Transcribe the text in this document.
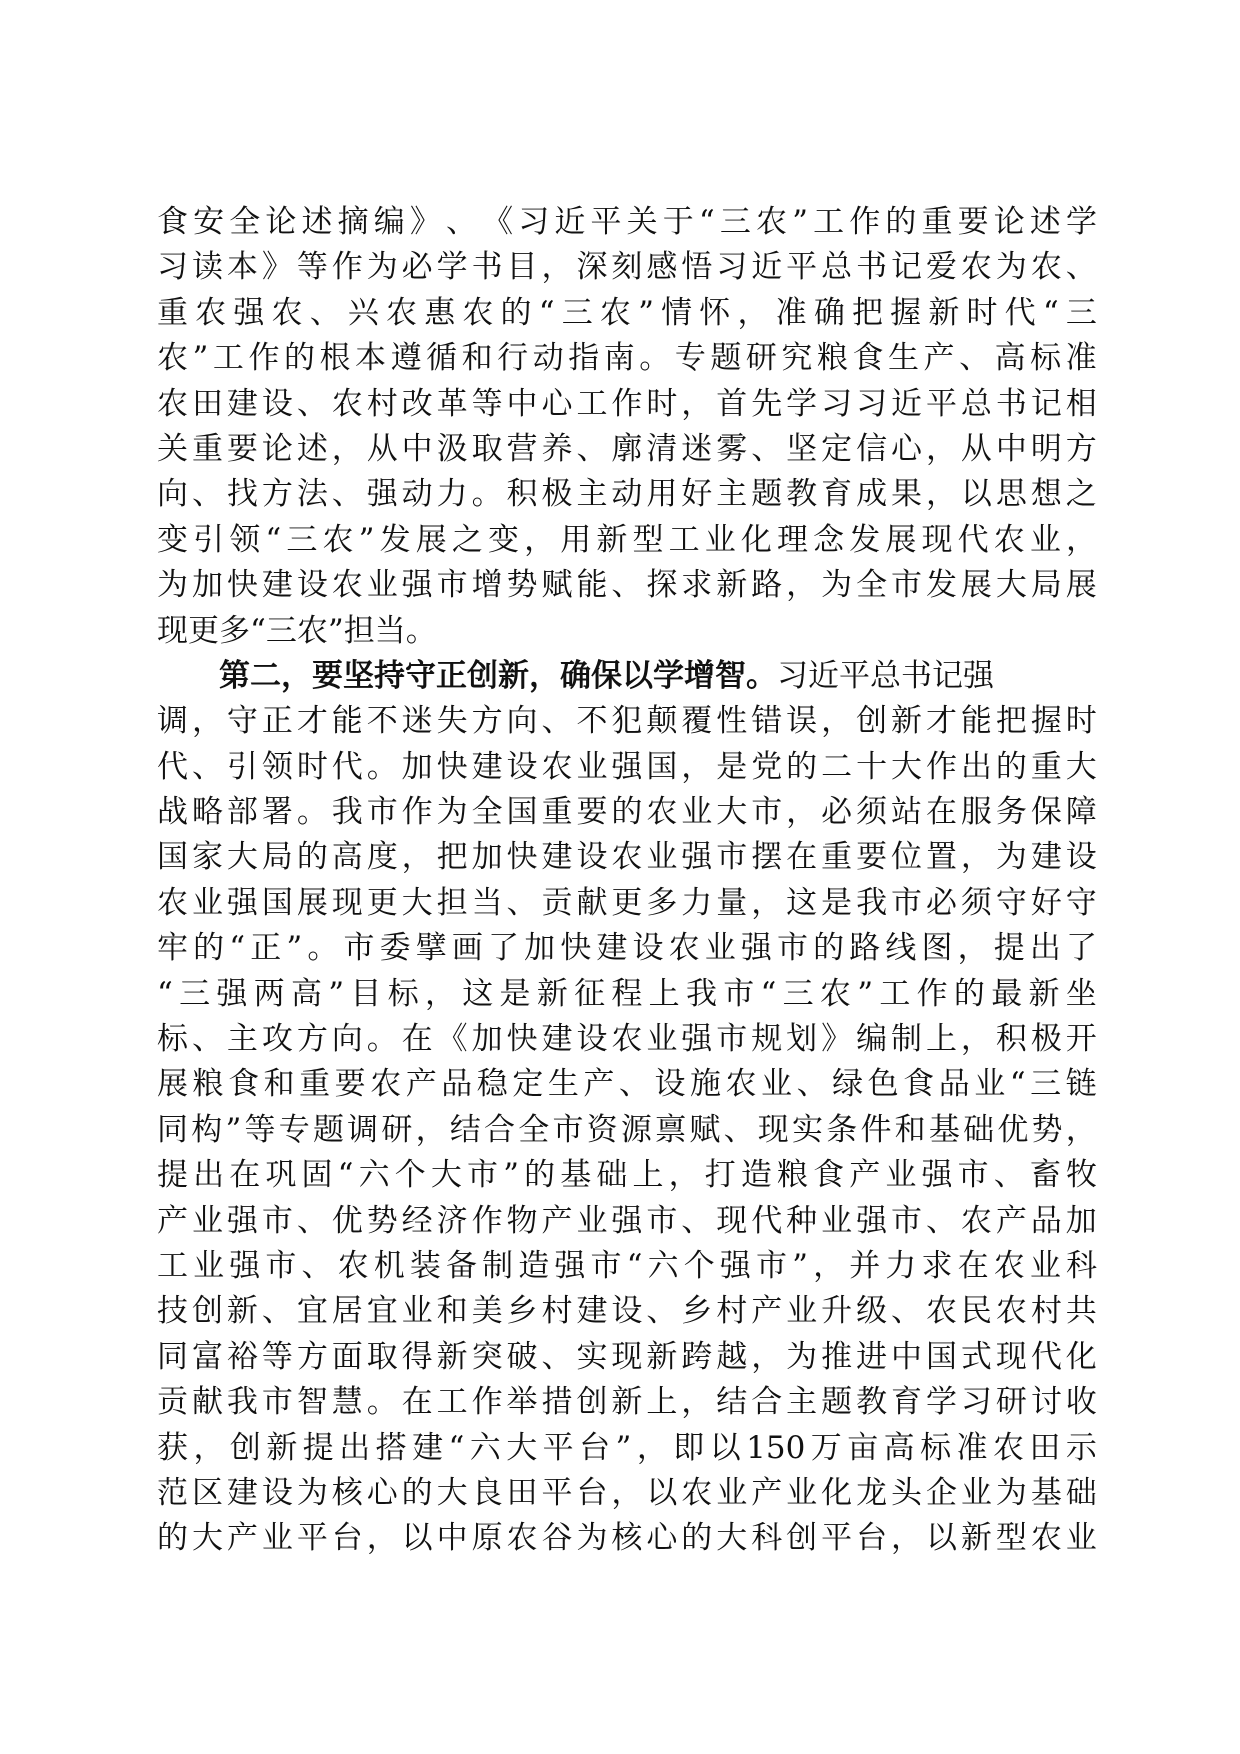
食 安 全 论 述 摘 编 》 、 《 习 近 平 关 于 “ 三 农 ” 工 作 的 重 要 论 述 学
习 读 本 》 等 作 为 必 学 书 目 ， 深 刻 感 悟 习 近 平 总 书 记 爱 农 为 农 、
重 农 强 农 、 兴 农 惠 农 的 “ 三 农 ” 情 怀 ， 准 确 把 握 新 时 代 “ 三
农 ” 工 作 的 根 本 遵 循 和 行 动 指 南 。 专 题 研 究 粮 食 生 产 、 高 标 准
农 田 建 设 、 农 村 改 革 等 中 心 工 作 时 ， 首 先 学 习 习 近 平 总 书 记 相
关 重 要 论 述 ， 从 中 汲 取 营 养 、 廓 清 迷 雾 、 坚 定 信 心 ， 从 中 明 方
向 、 找 方 法 、 强 动 力 。 积 极 主 动 用 好 主 题 教 育 成 果 ， 以 思 想 之
变 引 领 “ 三 农 ” 发 展 之 变 ， 用 新 型 工 业 化 理 念 发 展 现 代 农 业 ，
为 加 快 建 设 农 业 强 市 增 势 赋 能 、 探 求 新 路 ， 为 全 市 发 展 大 局 展
现更多“三农”担当。
第二，要坚持守正创新，确保以学增智。 习近平总书记强
调 ， 守 正 才 能 不 迷 失 方 向 、 不 犯 颠 覆 性 错 误 ， 创 新 才 能 把 握 时
代 、 引 领 时 代 。 加 快 建 设 农 业 强 国 ， 是 党 的 二 十 大 作 出 的 重 大
战 略 部 署 。 我 市 作 为 全 国 重 要 的 农 业 大 市 ， 必 须 站 在 服 务 保 障
国 家 大 局 的 高 度 ， 把 加 快 建 设 农 业 强 市 摆 在 重 要 位 置 ， 为 建 设
农 业 强 国 展 现 更 大 担 当 、 贡 献 更 多 力 量 ， 这 是 我 市 必 须 守 好 守
牢 的 “ 正 ” 。 市 委 擘 画 了 加 快 建 设 农 业 强 市 的 路 线 图 ， 提 出 了
“ 三 强 两 高 ” 目 标 ， 这 是 新 征 程 上 我 市 “ 三 农 ” 工 作 的 最 新 坐
标 、 主 攻 方 向 。 在 《 加 快 建 设 农 业 强 市 规 划 》 编 制 上 ， 积 极 开
展 粮 食 和 重 要 农 产 品 稳 定 生 产 、 设 施 农 业 、 绿 色 食 品 业 “ 三 链
同 构 ” 等 专 题 调 研 ， 结 合 全 市 资 源 禀 赋 、 现 实 条 件 和 基 础 优 势 ，
提 出 在 巩 固 “ 六 个 大 市 ” 的 基 础 上 ， 打 造 粮 食 产 业 强 市 、 畜 牧
产 业 强 市 、 优 势 经 济 作 物 产 业 强 市 、 现 代 种 业 强 市 、 农 产 品 加
工 业 强 市 、 农 机 装 备 制 造 强 市 “ 六 个 强 市 ” ， 并 力 求 在 农 业 科
技 创 新 、 宜 居 宜 业 和 美 乡 村 建 设 、 乡 村 产 业 升 级 、 农 民 农 村 共
同 富 裕 等 方 面 取 得 新 突 破 、 实 现 新 跨 越 ， 为 推 进 中 国 式 现 代 化
贡 献 我 市 智 慧 。 在 工 作 举 措 创 新 上 ， 结 合 主 题 教 育 学 习 研 讨 收
获 ， 创 新 提 出 搭 建 “ 六 大 平 台 ” ， 即 以 150 万 亩 高 标 准 农 田 示
范 区 建 设 为 核 心 的 大 良 田 平 台 ， 以 农 业 产 业 化 龙 头 企 业 为 基 础
的 大 产 业 平 台 ， 以 中 原 农 谷 为 核 心 的 大 科 创 平 台 ， 以 新 型 农 业
